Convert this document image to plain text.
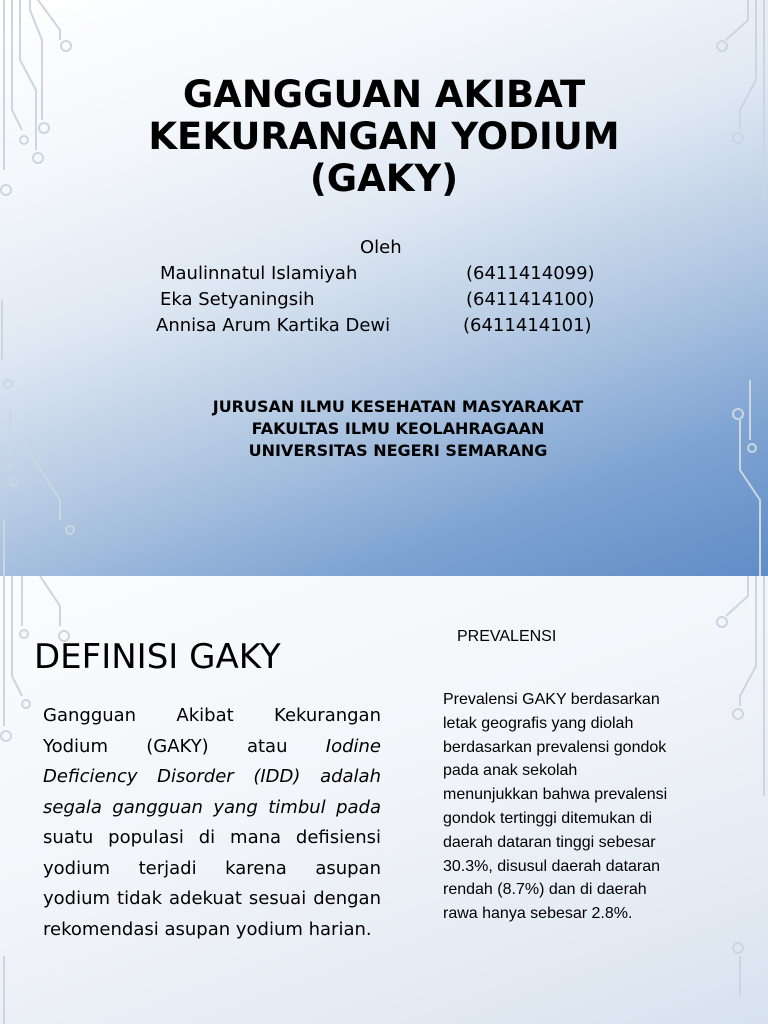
GANGGUAN AKIBAT
KEKURANGAN YODIUM
(GAKY)
Oleh
Maulinnatul Islamiyah	(6411414099)
Eka Setyaningsih	(6411414100)
Annisa Arum Kartika Dewi	(6411414101)
JURUSAN ILMU KESEHATAN MASYARAKAT
FAKULTAS ILMU KEOLAHRAGAAN
UNIVERSITAS NEGERI SEMARANG
DEFINISI GAKY

Gangguan Akibat Kekurangan Yodium (GAKY) atau Iodine Deficiency Disorder (IDD) adalah segala gangguan yang timbul pada suatu populasi di mana defisiensi yodium terjadi karena asupan yodium tidak adekuat sesuai dengan rekomendasi asupan yodium harian.

PREVALENSI

Prevalensi GAKY berdasarkan
letak geografis yang diolah
berdasarkan prevalensi gondok
pada anak sekolah
menunjukkan bahwa prevalensi
gondok tertinggi ditemukan di
daerah dataran tinggi sebesar
30.3%, disusul daerah dataran
rendah (8.7%) dan di daerah
rawa hanya sebesar 2.8%.
